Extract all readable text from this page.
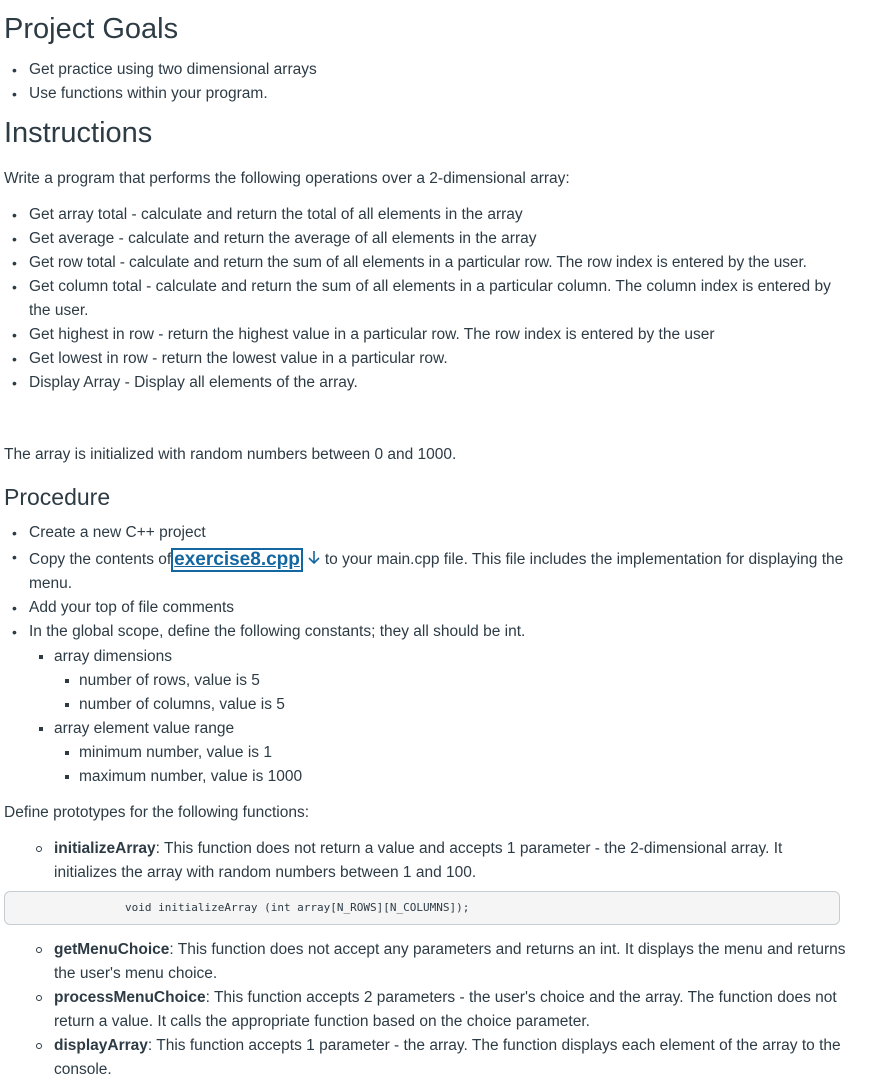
Project Goals
• Get practice using two dimensional arrays
• Use functions within your program.
Instructions

Write a program that performs the following operations over a 2-dimensional array:

• Get array total - calculate and return the total of all elements in the array
• Get average - calculate and return the average of all elements in the array
• Get row total - calculate and return the sum of all elements in a particular row. The row index is entered by the user.
• Get column total - calculate and return the sum of all elements in a particular column. The column index is entered by the user.
• Get highest in row - return the highest value in a particular row. The row index is entered by the user
• Get lowest in row - return the lowest value in a particular row.
• Display Array - Display all elements of the array.

The array is initialized with random numbers between 0 and 1000.

Procedure
• Create a new C++ project
• Copy the contents of exercise8.cpp to your main.cpp file. This file includes the implementation for displaying the menu.
• Add your top of file comments
• In the global scope, define the following constants; they all should be int.
array dimensions
number of rows, value is 5
number of columns, value is 5
array element value range
minimum number, value is 1
maximum number, value is 1000

Define prototypes for the following functions:

initializeArray: This function does not return a value and accepts 1 parameter - the 2-dimensional array. It initializes the array with random numbers between 1 and 100.
getMenuChoice: This function does not accept any parameters and returns an int. It displays the menu and returns the user's menu choice.
processMenuChoice: This function accepts 2 parameters - the user's choice and the array. The function does not return a value. It calls the appropriate function based on the choice parameter.
displayArray: This function accepts 1 parameter - the array. The function displays each element of the array to the console.
void initializeArray (int array[N_ROWS][N_COLUMNS]);
